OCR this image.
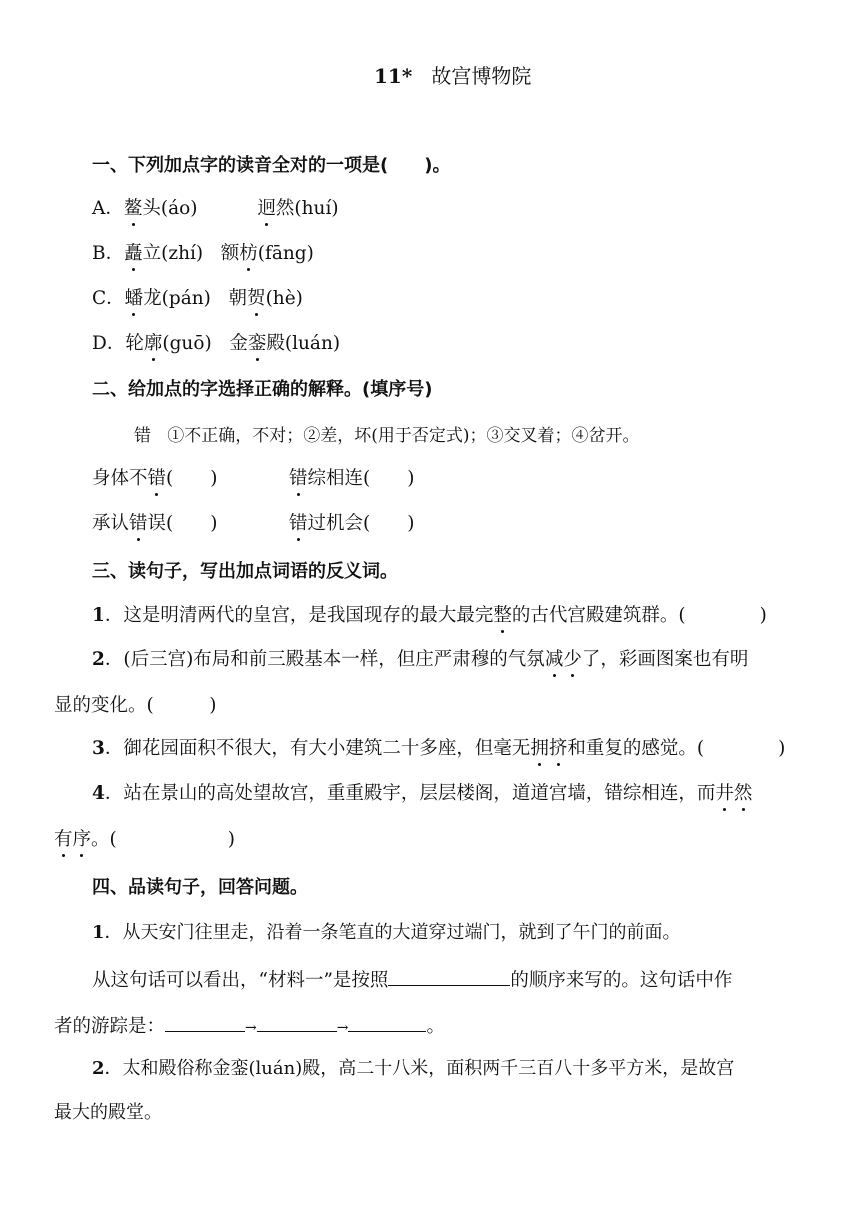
11* 故宫博物院
一、下列加点字的读音全对的一项是(　　)。
A．鳌头(áo)	迥然(huí)
B．矗立(zhí)   额枋(fāng)
C．蟠龙(pán)   朝贺(hè)
D．轮廓(guō)   金銮殿(luán)
二、给加点的字选择正确的解释。(填序号)
错 ①不正确，不对；②差，坏(用于否定式)；③交叉着；④岔开。
身体不错(　　)	错综相连(　　)
承认错误(　　)	错过机会(　　)
三、读句子，写出加点词语的反义词。
1．这是明清两代的皇宫，是我国现存的最大最完整的古代宫殿建筑群。(　　　　)
2．(后三宫)布局和前三殿基本一样，但庄严肃穆的气氛减少了，彩画图案也有明
显的变化。(　　　)
3．御花园面积不很大，有大小建筑二十多座，但毫无拥挤和重复的感觉。(　　　　)
4．站在景山的高处望故宫，重重殿宇，层层楼阁，道道宫墙，错综相连，而井然
有序。(　　　　　　)
四、品读句子，回答问题。
1．从天安门往里走，沿着一条笔直的大道穿过端门，就到了午门的前面。
从这句话可以看出，“材料一”是按照	的顺序来写的。这句话中作
者的游踪是：	→	→	。
2．太和殿俗称金銮(luán)殿，高二十八米，面积两千三百八十多平方米，是故宫
最大的殿堂。
